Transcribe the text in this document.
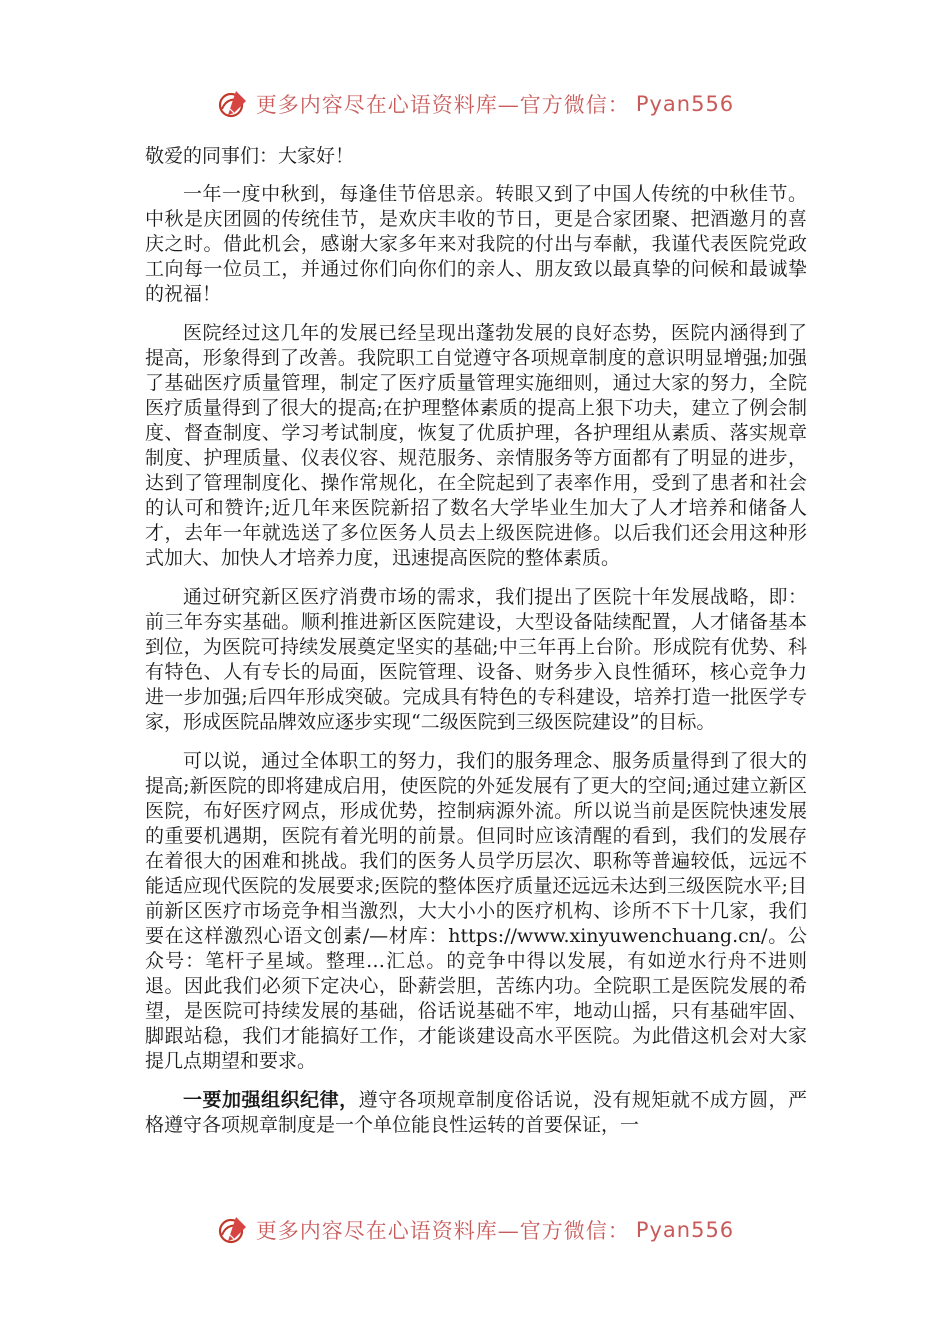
更多内容尽在心语资料库—官方微信： Pyan556

敬爱的同事们：大家好！

一年一度中秋到，每逢佳节倍思亲。转眼又到了中国人传统的中秋佳节。中秋是庆团圆的传统佳节，是欢庆丰收的节日，更是合家团聚、把酒邀月的喜庆之时。借此机会，感谢大家多年来对我院的付出与奉献，我谨代表医院党政工向每一位员工，并通过你们向你们的亲人、朋友致以最真挚的问候和最诚挚的祝福！

医院经过这几年的发展已经呈现出蓬勃发展的良好态势，医院内涵得到了提高，形象得到了改善。我院职工自觉遵守各项规章制度的意识明显增强;加强了基础医疗质量管理，制定了医疗质量管理实施细则，通过大家的努力，全院医疗质量得到了很大的提高;在护理整体素质的提高上狠下功夫，建立了例会制度、督查制度、学习考试制度，恢复了优质护理，各护理组从素质、落实规章制度、护理质量、仪表仪容、规范服务、亲情服务等方面都有了明显的进步，达到了管理制度化、操作常规化，在全院起到了表率作用，受到了患者和社会的认可和赞许;近几年来医院新招了数名大学毕业生加大了人才培养和储备人才，去年一年就选送了多位医务人员去上级医院进修。以后我们还会用这种形式加大、加快人才培养力度，迅速提高医院的整体素质。

通过研究新区医疗消费市场的需求，我们提出了医院十年发展战略，即：前三年夯实基础。顺利推进新区医院建设，大型设备陆续配置，人才储备基本到位，为医院可持续发展奠定坚实的基础;中三年再上台阶。形成院有优势、科有特色、人有专长的局面，医院管理、设备、财务步入良性循环，核心竞争力进一步加强;后四年形成突破。完成具有特色的专科建设，培养打造一批医学专家，形成医院品牌效应逐步实现“二级医院到三级医院建设”的目标。

可以说，通过全体职工的努力，我们的服务理念、服务质量得到了很大的提高;新医院的即将建成启用，使医院的外延发展有了更大的空间;通过建立新区医院，布好医疗网点，形成优势，控制病源外流。所以说当前是医院快速发展的重要机遇期，医院有着光明的前景。但同时应该清醒的看到，我们的发展存在着很大的困难和挑战。我们的医务人员学历层次、职称等普遍较低，远远不能适应现代医院的发展要求;医院的整体医疗质量还远远未达到三级医院水平;目前新区医疗市场竞争相当激烈，大大小小的医疗机构、诊所不下十几家，我们要在这样激烈心语文创素/—材库：https://www.xinyuwenchuang.cn/。公众号：笔杆子星域。整理…汇总。的竞争中得以发展，有如逆水行舟不进则退。因此我们必须下定决心，卧薪尝胆，苦练内功。全院职工是医院发展的希望，是医院可持续发展的基础，俗话说基础不牢，地动山摇，只有基础牢固、脚跟站稳，我们才能搞好工作，才能谈建设高水平医院。为此借这机会对大家提几点期望和要求。

一要加强组织纪律，遵守各项规章制度俗话说，没有规矩就不成方圆，严格遵守各项规章制度是一个单位能良性运转的首要保证，一

更多内容尽在心语资料库—官方微信： Pyan556
